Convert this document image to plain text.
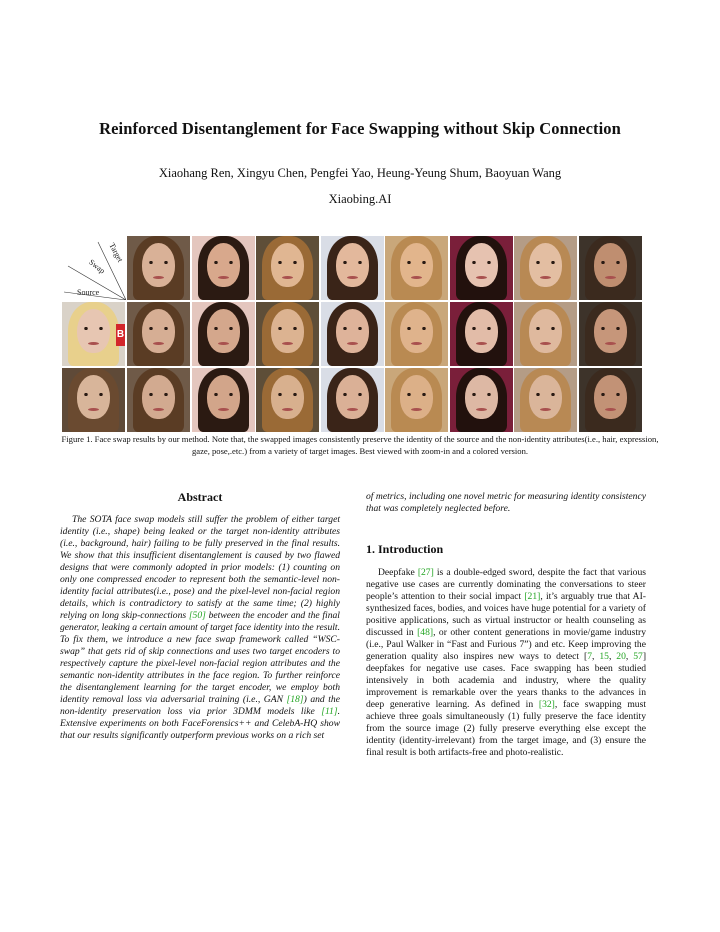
Reinforced Disentanglement for Face Swapping without Skip Connection
Xiaohang Ren, Xingyu Chen, Pengfei Yao, Heung-Yeung Shum, Baoyuan Wang
Xiaobing.AI
Target
Swap
Source
B
Figure 1. Face swap results by our method. Note that, the swapped images consistently preserve the identity of the source and the non-identity attributes(i.e., hair, expression, gaze, pose,.etc.) from a variety of target images. Best viewed with zoom-in and a colored version.
Abstract
The SOTA face swap models still suffer the problem of either target identity (i.e., shape) being leaked or the target non-identity attributes (i.e., background, hair) failing to be fully preserved in the final results. We show that this insufficient disentanglement is caused by two flawed designs that were commonly adopted in prior models: (1) counting on only one compressed encoder to represent both the semantic-level non-identity facial attributes(i.e., pose) and the pixel-level non-facial region details, which is contradictory to satisfy at the same time; (2) highly relying on long skip-connections [50] between the encoder and the final generator, leaking a certain amount of target face identity into the result. To fix them, we introduce a new face swap framework called “WSC-swap” that gets rid of skip connections and uses two target encoders to respectively capture the pixel-level non-facial region attributes and the semantic non-identity attributes in the face region. To further reinforce the disentanglement learning for the target encoder, we employ both identity removal loss via adversarial training (i.e., GAN [18]) and the non-identity preservation loss via prior 3DMM models like [11]. Extensive experiments on both FaceForensics++ and CelebA-HQ show that our results significantly outperform previous works on a rich set
of metrics, including one novel metric for measuring identity consistency that was completely neglected before.
1. Introduction
Deepfake [27] is a double-edged sword, despite the fact that various negative use cases are currently dominating the conversations to steer people’s attention to their social impact [21], it’s arguably true that AI-synthesized faces, bodies, and voices have huge potential for a variety of positive applications, such as virtual instructor or health counseling as discussed in [48], or other content generations in movie/game industry (i.e., Paul Walker in “Fast and Furious 7”) and etc. Keep improving the generation quality also inspires new ways to detect [7, 15, 20, 57] deepfakes for negative use cases. Face swapping has been studied intensively in both academia and industry, where the quality improvement is remarkable over the years thanks to the advances in deep generative learning. As defined in [32], face swapping must achieve three goals simultaneously (1) fully preserve the face identity from the source image (2) fully preserve everything else except the identity (identity-irrelevant) from the target image, and (3) ensure the final result is both artifacts-free and photo-realistic.
